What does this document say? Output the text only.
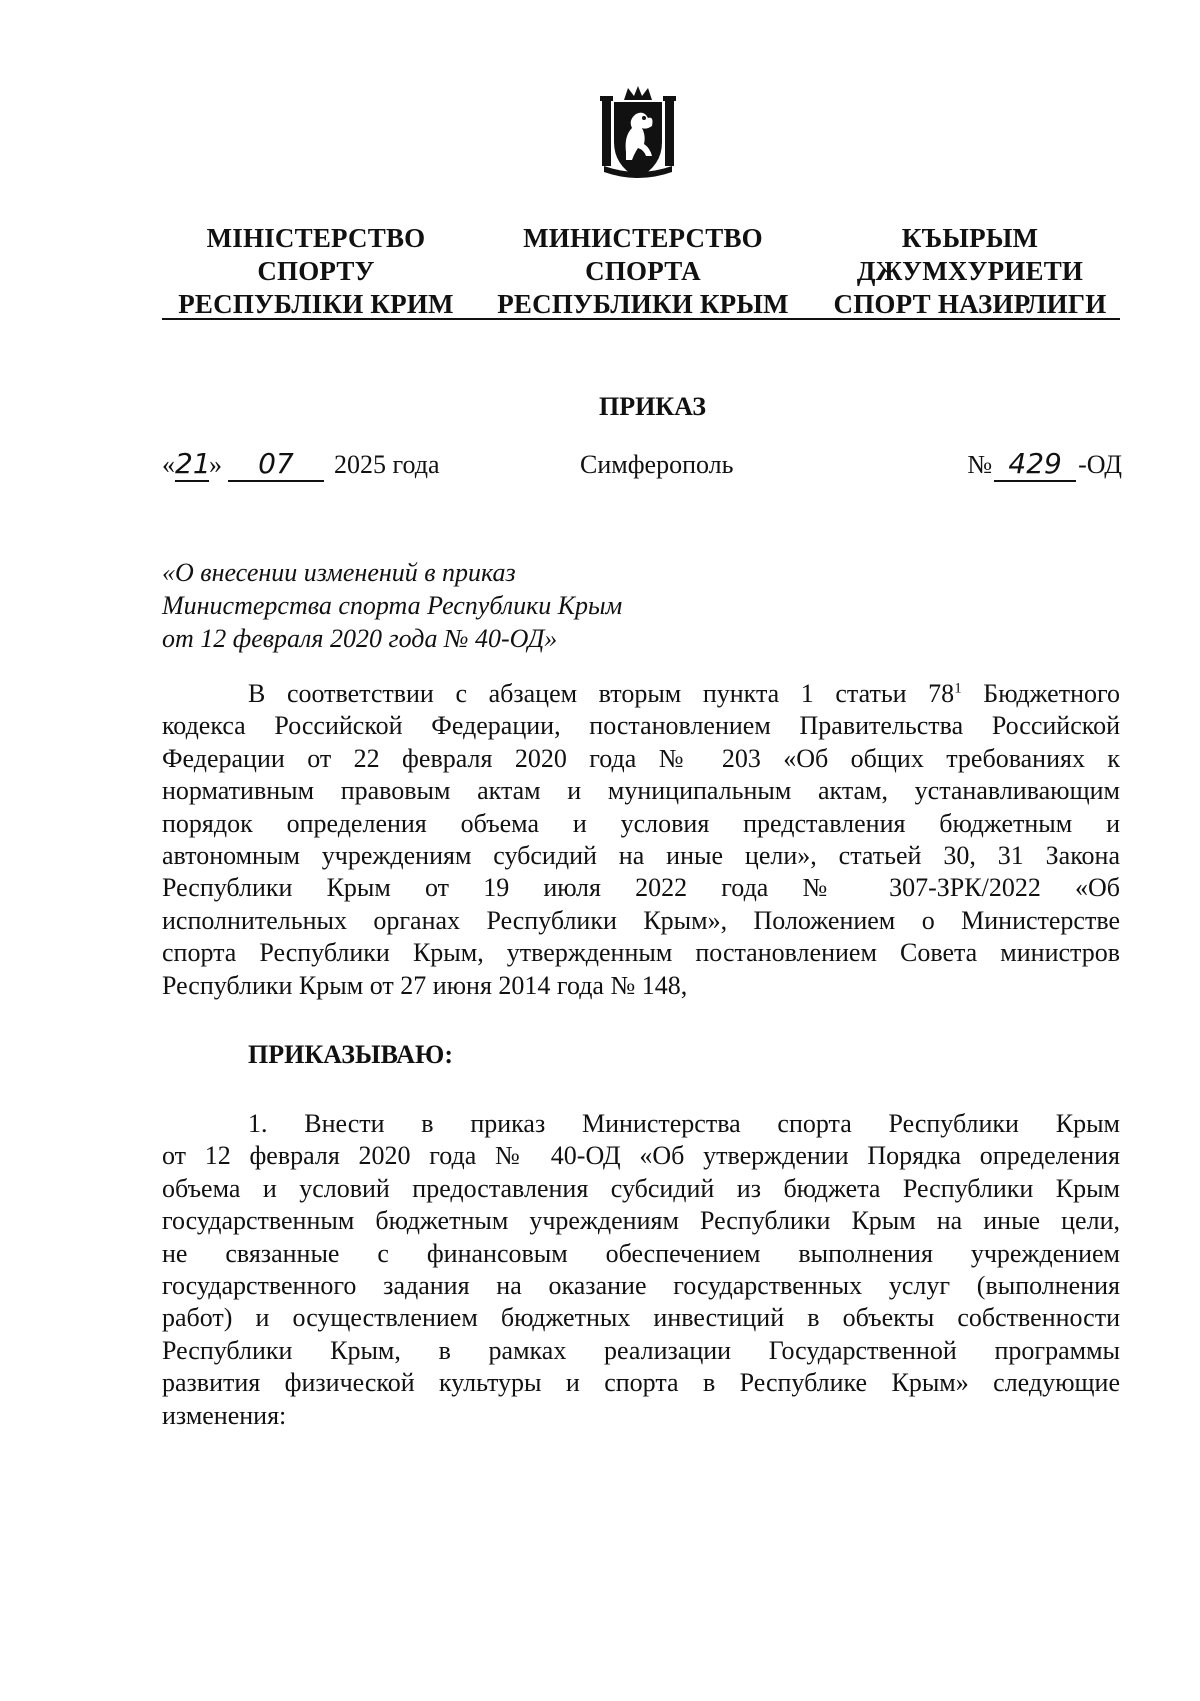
МІНІСТЕРСТВО
СПОРТУ
РЕСПУБЛІКИ КРИМ
МИНИСТЕРСТВО
СПОРТА
РЕСПУБЛИКИ КРЫМ
КЪЫРЫМ
ДЖУМХУРИЕТИ
СПОРТ НАЗИРЛИГИ
ПРИКАЗ
«21» 07 2025 года	Симферополь	№ 429 -ОД
«О внесении изменений в приказ
Министерства спорта Республики Крым
от 12 февраля 2020 года № 40-ОД»
В соответствии с абзацем вторым пункта 1 статьи $78^1$ Бюджетного
кодекса Российской Федерации, постановлением Правительства Российской
Федерации от 22 февраля 2020 года № 203 «Об общих требованиях к
нормативным правовым актам и муниципальным актам, устанавливающим
порядок определения объема и условия представления бюджетным и
автономным учреждениям субсидий на иные цели», статьей 30, 31 Закона
Республики Крым от 19 июля 2022 года № 307-ЗРК/2022 «Об
исполнительных органах Республики Крым», Положением о Министерстве
спорта Республики Крым, утвержденным постановлением Совета министров
Республики Крым от 27 июня 2014 года № 148,
ПРИКАЗЫВАЮ:
1. Внести в приказ Министерства спорта Республики Крым
от 12 февраля 2020 года № 40-ОД «Об утверждении Порядка определения
объема и условий предоставления субсидий из бюджета Республики Крым
государственным бюджетным учреждениям Республики Крым на иные цели,
не связанные с финансовым обеспечением выполнения учреждением
государственного задания на оказание государственных услуг (выполнения
работ) и осуществлением бюджетных инвестиций в объекты собственности
Республики Крым, в рамках реализации Государственной программы
развития физической культуры и спорта в Республике Крым» следующие
изменения:
